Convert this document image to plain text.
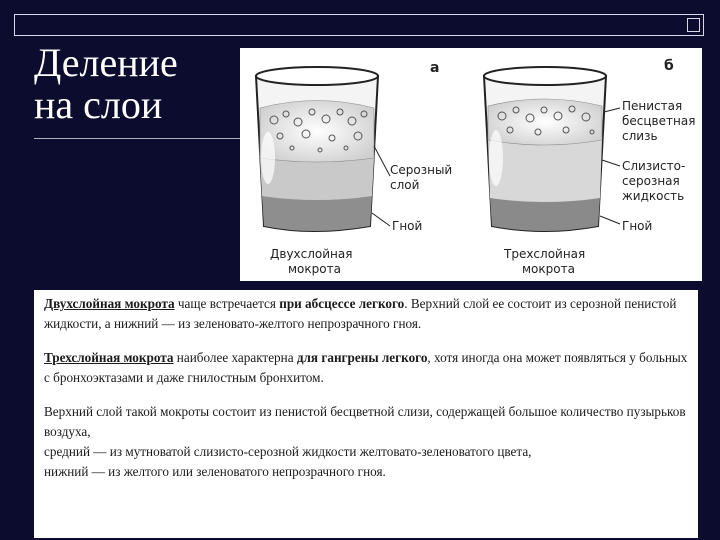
Деление
на слои
а	б
Серозный
слой
Гной
Двухслойная
мокрота
Пенистая
бесцветная
слизь
Слизисто-
серозная
жидкость
Гной
Трехслойная
мокрота

Двухслойная мокрота чаще встречается при абсцессе легкого. Верхний слой ее состоит из серозной пенистой жидкости, а нижний — из зеленовато-желтого непрозрачного гноя.

Трехслойная мокрота наиболее характерна для гангрены легкого, хотя иногда она может появляться у больных с бронхоэктазами и даже гнилостным бронхитом.

Верхний слой такой мокроты состоит из пенистой бесцветной слизи, содержащей большое количество пузырьков воздуха,

средний — из мутноватой слизисто-серозной жидкости желтовато-зеленоватого цвета,

нижний — из желтого или зеленоватого непрозрачного гноя.
